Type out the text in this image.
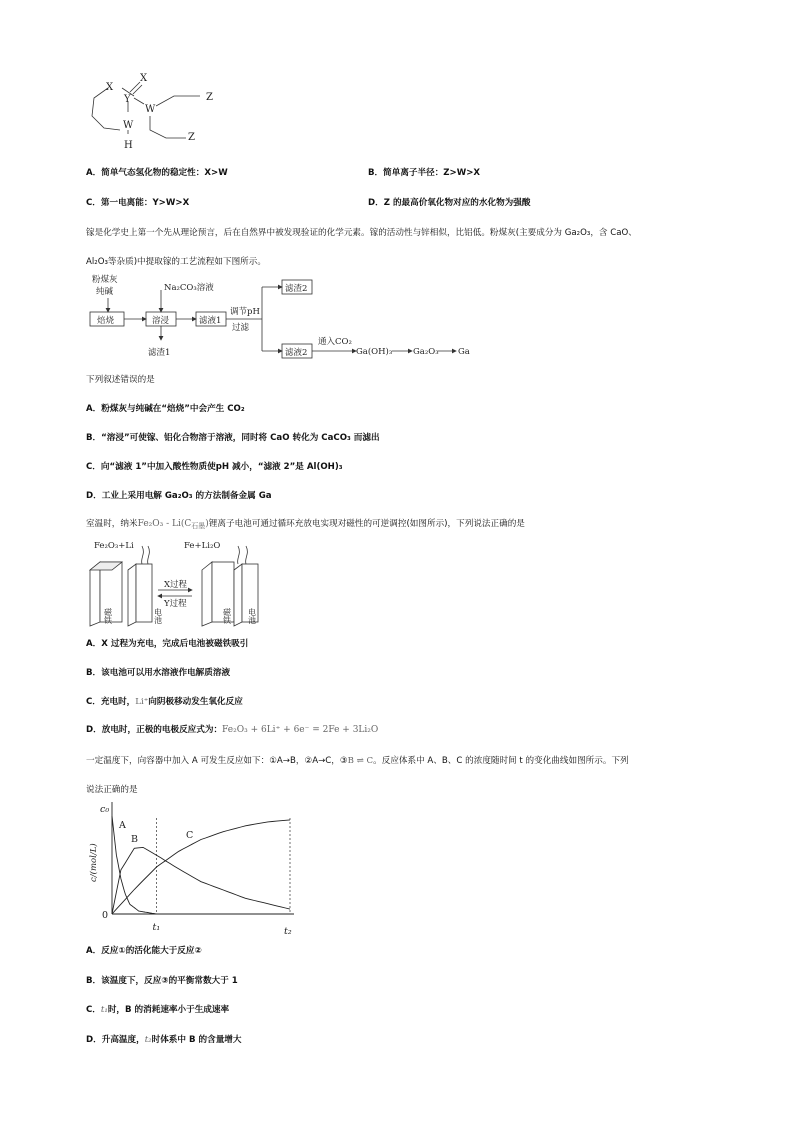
X
Y
X
W
Z
W
Z
H
A．简单气态氢化物的稳定性：X>W	B．简单离子半径：Z>W>X
C．第一电离能：Y>W>X	D．Z 的最高价氧化物对应的水化物为强酸
镓是化学史上第一个先从理论预言，后在自然界中被发现验证的化学元素。镓的活动性与锌相似，比铝低。粉煤灰(主要成分为 Ga₂O₃，含 CaO、
Al₂O₃等杂质)中提取镓的工艺流程如下图所示。
粉煤灰
纯碱
焙烧
Na₂CO₃溶液
溶浸
滤渣1
滤液1
调节pH
过滤
滤渣2
滤液2
通入CO₂
Ga(OH)₃ Ga₂O₃ Ga
下列叙述错误的是
A．粉煤灰与纯碱在“焙烧”中会产生 CO₂
B．“溶浸”可使镓、铝化合物溶于溶液，同时将 CaO 转化为 CaCO₃ 而滤出
C．向“滤液 1”中加入酸性物质使pH 减小，“滤液 2”是 Al(OH)₃
D．工业上采用电解 Ga₂O₃ 的方法制备金属 Ga
室温时，纳米$Fe_2O_3 - Li(C_{石墨})$锂离子电池可通过循环充放电实现对磁性的可逆调控(如图所示)，下列说法正确的是
Fe₂O₃+Li	Fe+Li₂O
X过程
Y过程
磁铁	电池	磁铁 电池
A．X 过程为充电，完成后电池被磁铁吸引
B．该电池可以用水溶液作电解质溶液
C．充电时，Li⁺向阴极移动发生氧化反应
D．放电时，正极的电极反应式为：Fe₂O₃ + 6Li⁺ + 6e⁻ = 2Fe + 3Li₂O
一定温度下，向容器中加入 A 可发生反应如下：①A→B，②A→C，③B ⇌ C。反应体系中 A、B、C 的浓度随时间 t 的变化曲线如图所示。下列
说法正确的是
A
B	C
c₀
0
t₁	t₂
c/(mol/L)
A．反应①的活化能大于反应②
B．该温度下，反应③的平衡常数大于 1
C．t₁时，B 的消耗速率小于生成速率
D．升高温度，t₂时体系中 B 的含量增大
